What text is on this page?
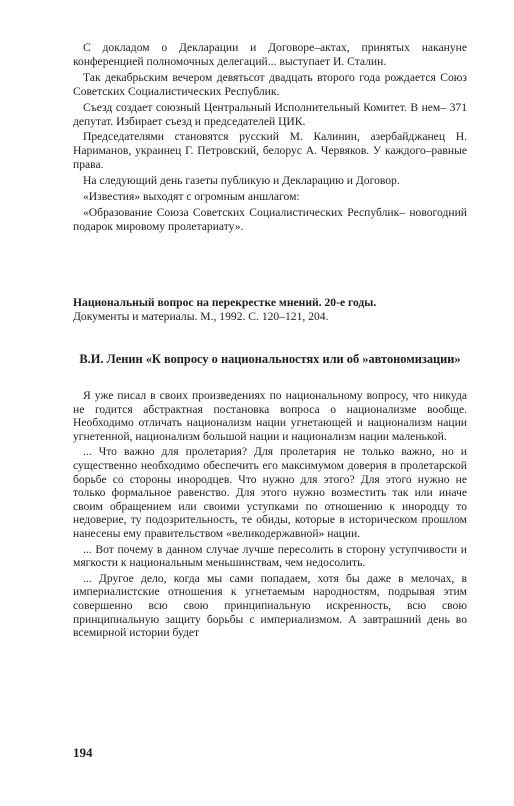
С докладом о Декларации и Договоре–актах, принятых накануне конференцией полномочных делегаций... выступает И. Сталин.

Так декабрьским вечером девятьсот двадцать второго года рождается Союз Советских Социалистических Республик.

Съезд создает союзный Центральный Исполнительный Комитет. В нем– 371 депутат. Избирает съезд и председателей ЦИК.

Председателями становятся русский М. Калинин, азербайджанец Н. Нариманов, украинец Г. Петровский, белорус А. Червяков. У каждого–равные права.

На следующий день газеты публикую и Декларацию и Договор.

«Известия» выходят с огромным аншлагом:

«Образование Союза Советских Социалистических Республик– новогодний подарок мировому пролетариату».

Национальный вопрос на перекрестке мнений. 20-е годы.
Документы и материалы. М., 1992. С. 120–121, 204.
В.И. Ленин «К вопросу о национальностях или об »автономизации»

Я уже писал в своих произведениях по национальному вопросу, что никуда не годится абстрактная постановка вопроса о национализме вообще. Необходимо отличать национализм нации угнетающей и национализм нации угнетенной, национализм большой нации и национализм нации маленькой.

... Что важно для пролетария? Для пролетария не только важно, но и существенно необходимо обеспечить его максимумом доверия в пролетарской борьбе со стороны инородцев. Что нужно для этого? Для этого нужно не только формальное равенство. Для этого нужно возместить так или иначе своим обращением или своими уступками по отношению к инородцу то недоверие, ту подозрительность, те обиды, которые в историческом прошлом нанесены ему правительством «великодержавной» нации.

... Вот почему в данном случае лучше пересолить в сторону уступчивости и мягкости к национальным меньшинствам, чем недосолить.

... Другое дело, когда мы сами попадаем, хотя бы даже в мелочах, в империалистские отношения к угнетаемым народностям, подрывая этим совершенно всю свою принципиальную искренность, всю свою принципиальную защиту борьбы с империализмом. А завтрашний день во всемирной истории будет

194
